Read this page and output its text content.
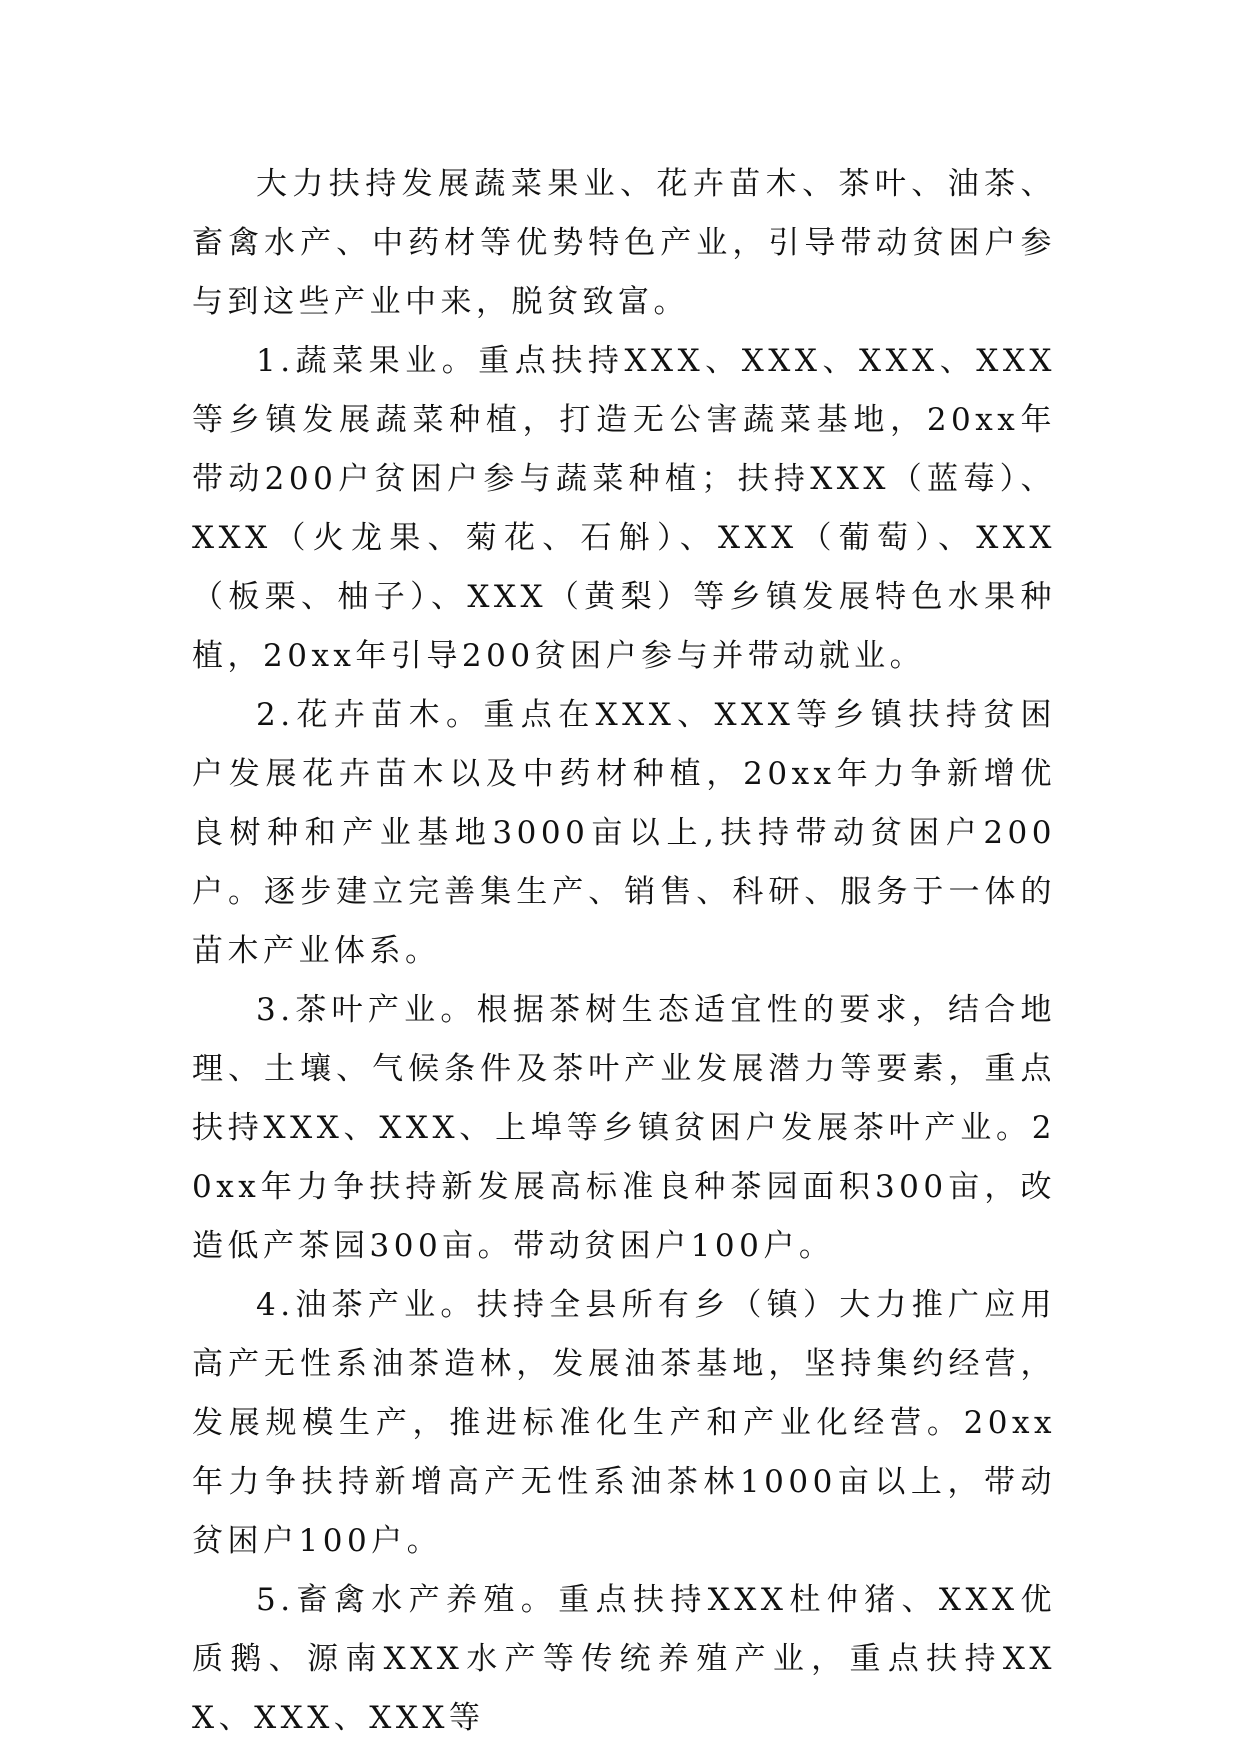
大力扶持发展蔬菜果业、花卉苗木、茶叶、油茶、畜禽水产、中药材等优势特色产业，引导带动贫困户参与到这些产业中来，脱贫致富。

1.蔬菜果业。重点扶持XXX、XXX、XXX、XXX等乡镇发展蔬菜种植，打造无公害蔬菜基地，20xx年带动200户贫困户参与蔬菜种植；扶持XXX（蓝莓）、XXX（火龙果、菊花、石斛）、XXX（葡萄）、XXX（板栗、柚子）、XXX（黄梨）等乡镇发展特色水果种植，20xx年引导200贫困户参与并带动就业。

2.花卉苗木。重点在XXX、XXX等乡镇扶持贫困户发展花卉苗木以及中药材种植，20xx年力争新增优良树种和产业基地3000亩以上,扶持带动贫困户200户。逐步建立完善集生产、销售、科研、服务于一体的苗木产业体系。

3.茶叶产业。根据茶树生态适宜性的要求，结合地理、土壤、气候条件及茶叶产业发展潜力等要素，重点扶持XXX、XXX、上埠等乡镇贫困户发展茶叶产业。20xx年力争扶持新发展高标准良种茶园面积300亩，改造低产茶园300亩。带动贫困户100户。

4.油茶产业。扶持全县所有乡（镇）大力推广应用高产无性系油茶造林，发展油茶基地，坚持集约经营，发展规模生产，推进标准化生产和产业化经营。20xx年力争扶持新增高产无性系油茶林1000亩以上，带动贫困户100户。

5.畜禽水产养殖。重点扶持XXX杜仲猪、XXX优质鹅、源南XXX水产等传统养殖产业，重点扶持XXX、XXX、XXX等
